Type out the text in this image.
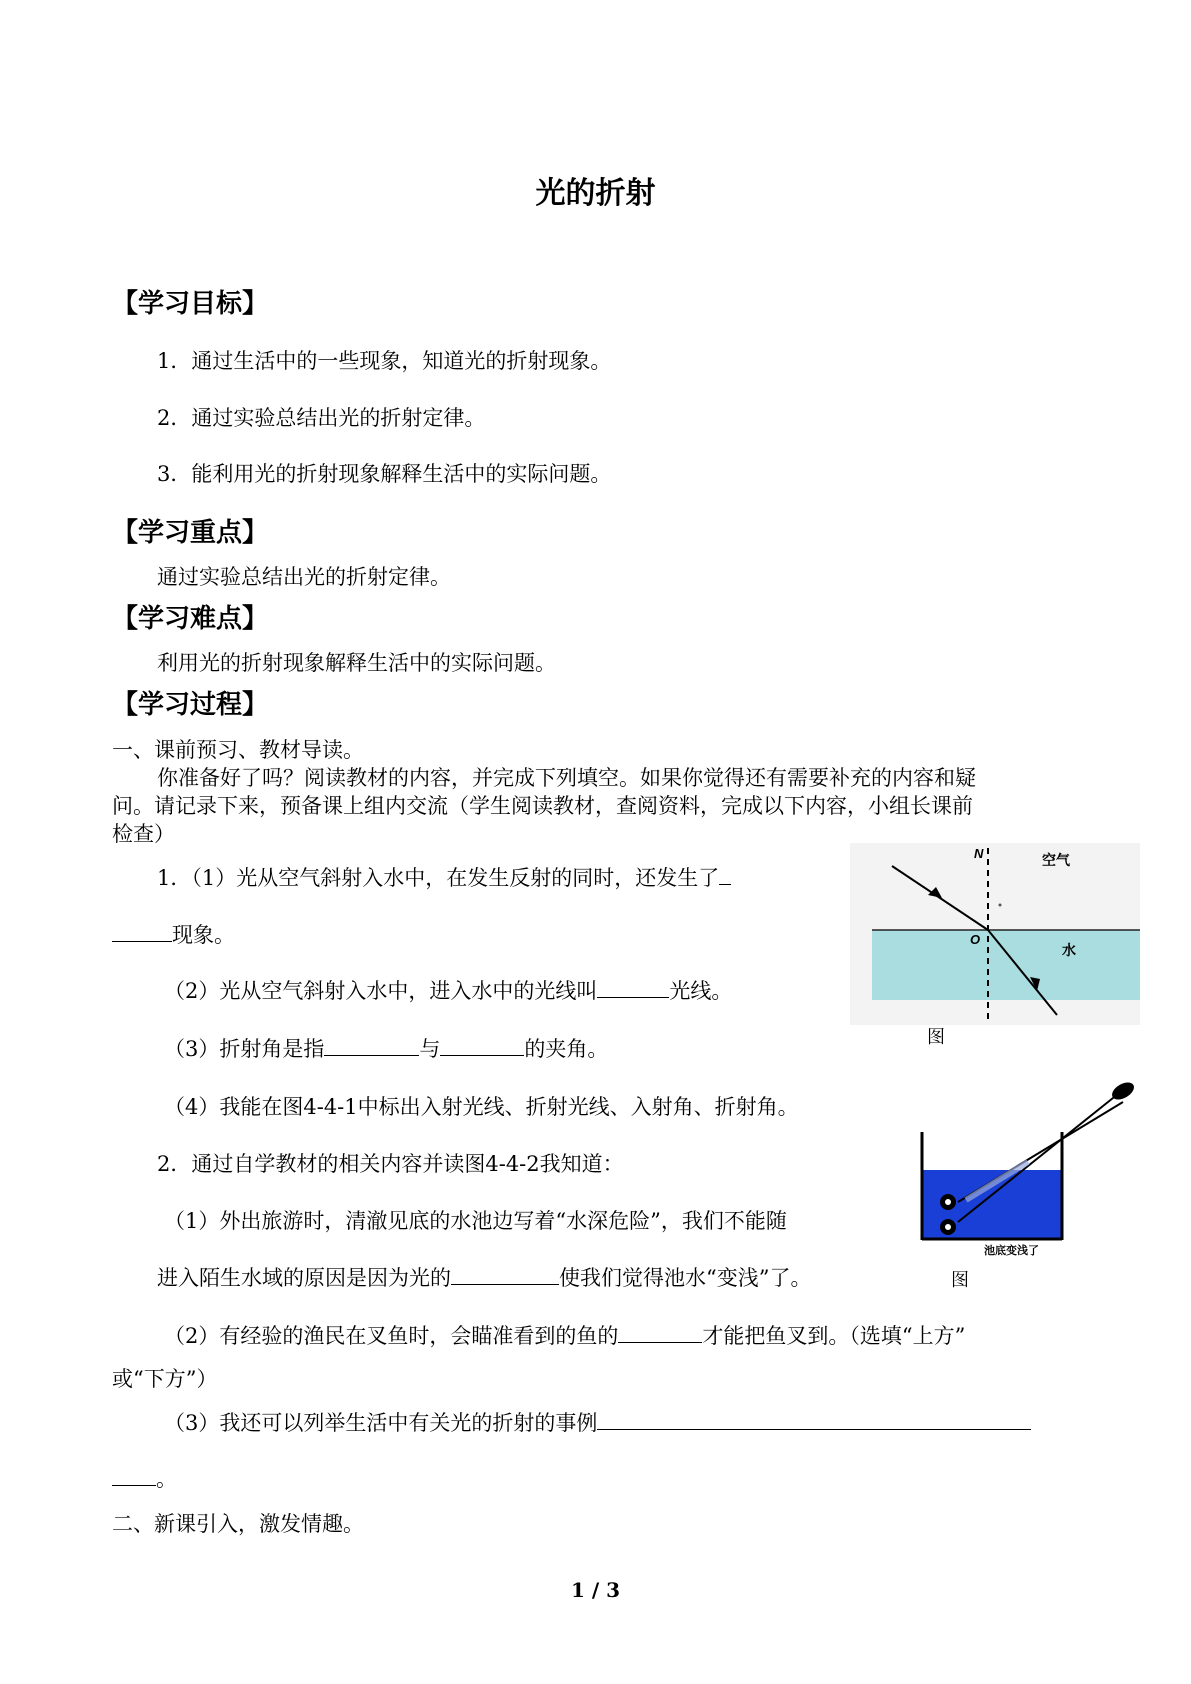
光的折射
【学习目标】
1．通过生活中的一些现象，知道光的折射现象。
2．通过实验总结出光的折射定律。
3．能利用光的折射现象解释生活中的实际问题。
【学习重点】
通过实验总结出光的折射定律。
【学习难点】
利用光的折射现象解释生活中的实际问题。
【学习过程】
一、课前预习、教材导读。
你准备好了吗？阅读教材的内容，并完成下列填空。如果你觉得还有需要补充的内容和疑
问。请记录下来，预备课上组内交流（学生阅读教材，查阅资料，完成以下内容，小组长课前
检查）
1．（1）光从空气斜射入水中，在发生反射的同时，还发生了
现象。
（2）光从空气斜射入水中，进入水中的光线叫	光线。
（3）折射角是指	与	的夹角。
（4）我能在图4-4-1中标出入射光线、折射光线、入射角、折射角。
2．通过自学教材的相关内容并读图4-4-2我知道：
（1）外出旅游时，清澈见底的水池边写着“水深危险”，我们不能随
进入陌生水域的原因是因为光的	使我们觉得池水“变浅”了。
（2）有经验的渔民在叉鱼时，会瞄准看到的鱼的	才能把鱼叉到。（选填“上方”
或“下方”）
（3）我还可以列举生活中有关光的折射的事例
。
二、新课引入，激发情趣。
N	空气
O
水
图
池底变浅了
图
1 / 3
